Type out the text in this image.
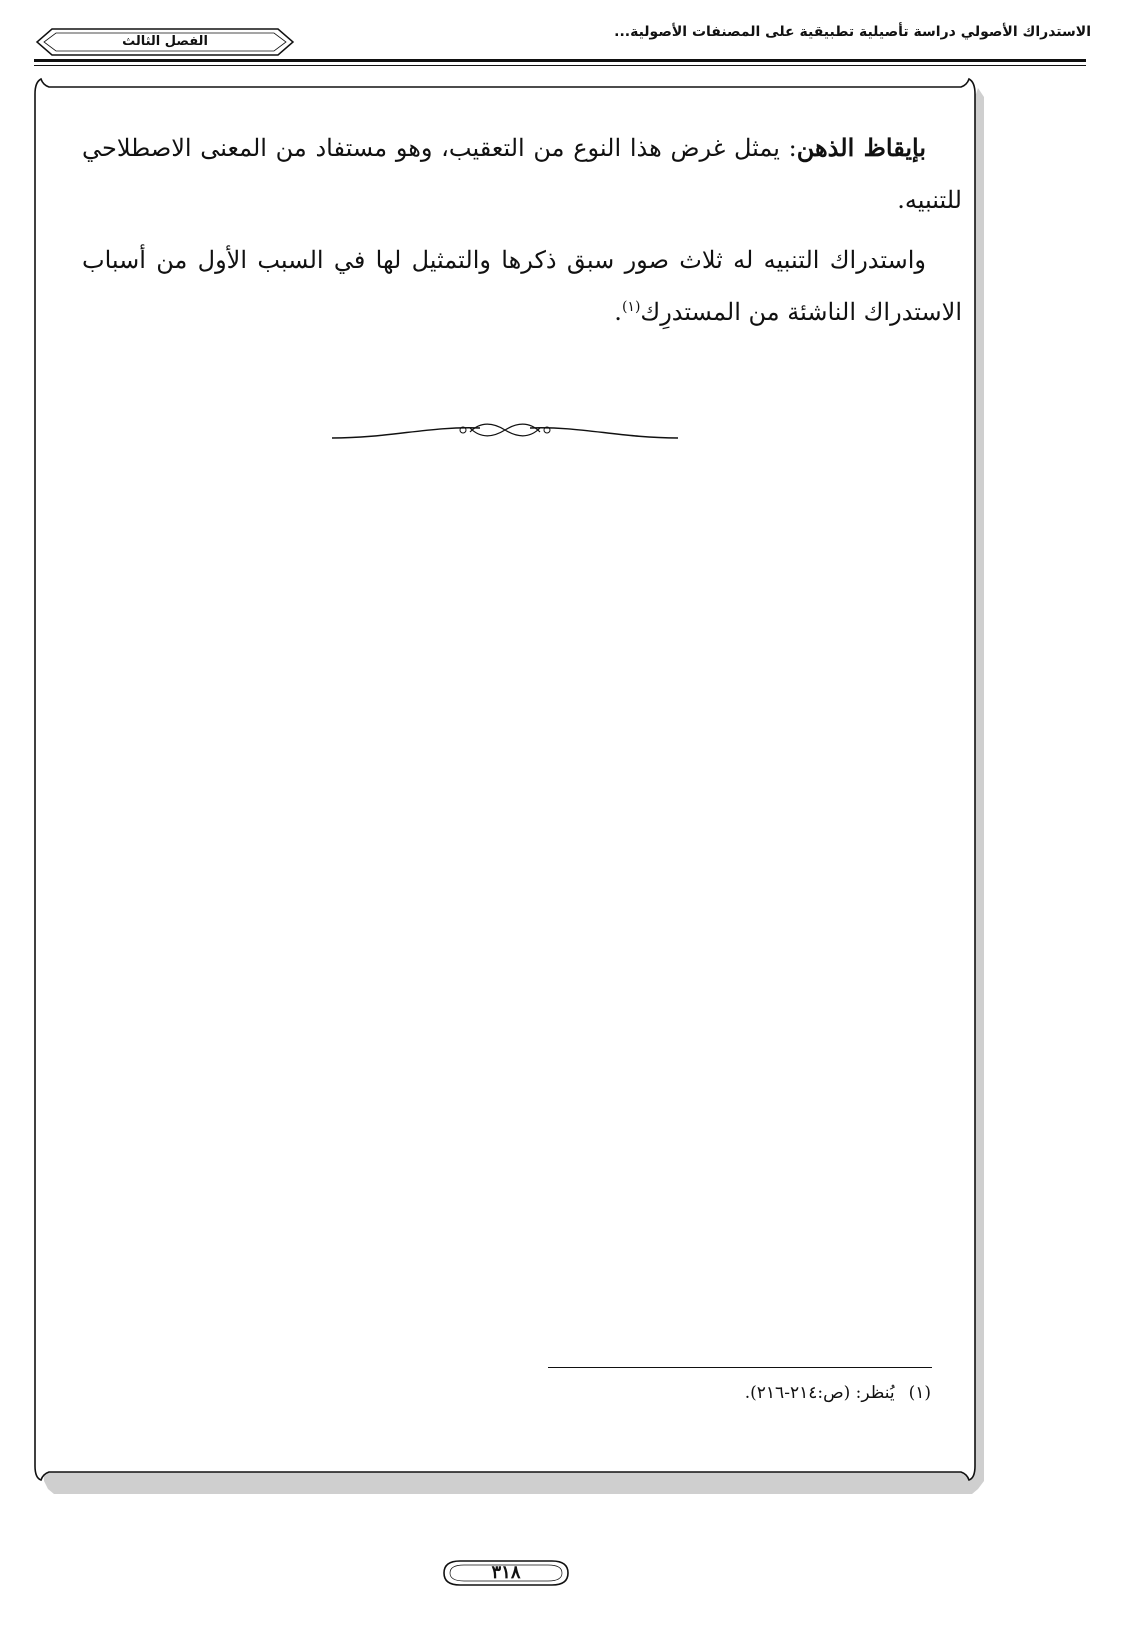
الاستدراك الأصولي دراسة تأصيلية تطبيقية على المصنفات الأصولية...
الفصل الثالث

بإيقاظ الذهن: يمثل غرض هذا النوع من التعقيب، وهو مستفاد من المعنى الاصطلاحي للتنبيه.

واستدراك التنبيه له ثلاث صور سبق ذكرها والتمثيل لها في السبب الأول من أسباب الاستدراك الناشئة من المستدرِك$^{(١)}$.

(١)يُنظر: (ص:٢١٤-٢١٦).
٣١٨
